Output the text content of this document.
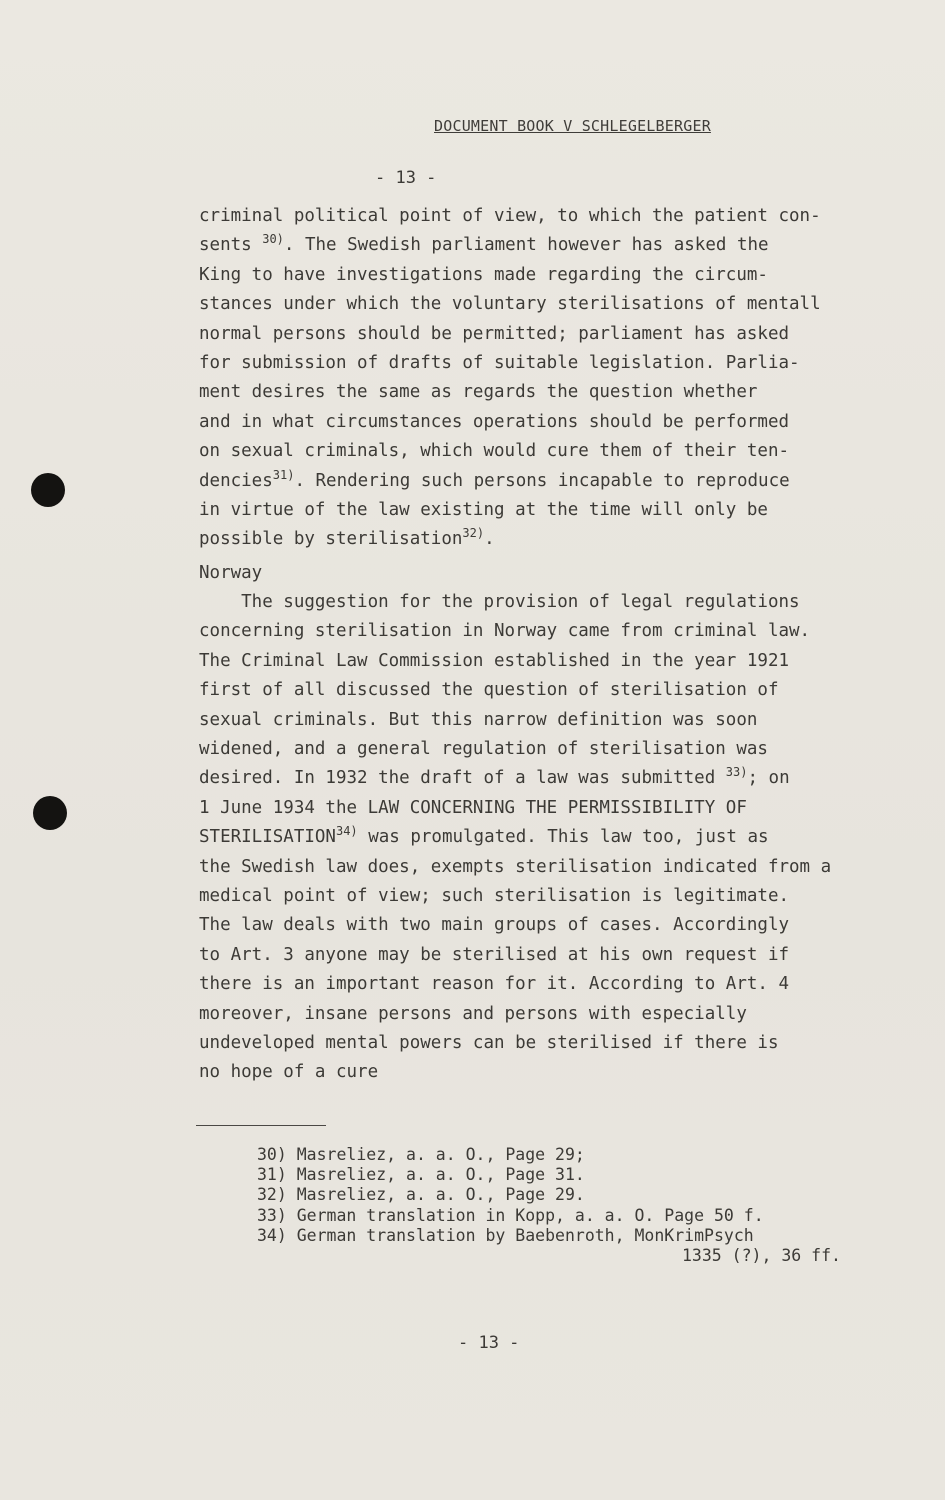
DOCUMENT BOOK V SCHLEGELBERGER
- 13 -
criminal political point of view, to which the patient con-
sents $^{30)}$. The Swedish parliament however has asked the
King to have investigations made regarding the circum-
stances under which the voluntary sterilisations of mentall
normal persons should be permitted; parliament has asked
for submission of drafts of suitable legislation. Parlia-
ment desires the same as regards the question whether
and in what circumstances operations should be performed
on sexual criminals, which would cure them of their ten-
dencies$^{31)}$. Rendering such persons incapable to reproduce
in virtue of the law existing at the time will only be
possible by sterilisation$^{32)}$.
Norway
The suggestion for the provision of legal regulations
concerning sterilisation in Norway came from criminal law.
The Criminal Law Commission established in the year 1921
first of all discussed the question of sterilisation of
sexual criminals. But this narrow definition was soon
widened, and a general regulation of sterilisation was
desired. In 1932 the draft of a law was submitted $^{33)}$; on
1 June 1934 the LAW CONCERNING THE PERMISSIBILITY OF
STERILISATION$^{34)}$ was promulgated. This law too, just as
the Swedish law does, exempts sterilisation indicated from a
medical point of view; such sterilisation is legitimate.
The law deals with two main groups of cases. Accordingly
to Art. 3 anyone may be sterilised at his own request if
there is an important reason for it. According to Art. 4
moreover, insane persons and persons with especially
undeveloped mental powers can be sterilised if there is
no hope of a cure
30) Masreliez, a. a. O., Page 29;
31) Masreliez, a. a. O., Page 31.
32) Masreliez, a. a. O., Page 29.
33) German translation in Kopp, a. a. O. Page 50 f.
34) German translation by Baebenroth, MonKrimPsych
1335 (?), 36 ff.
- 13 -
